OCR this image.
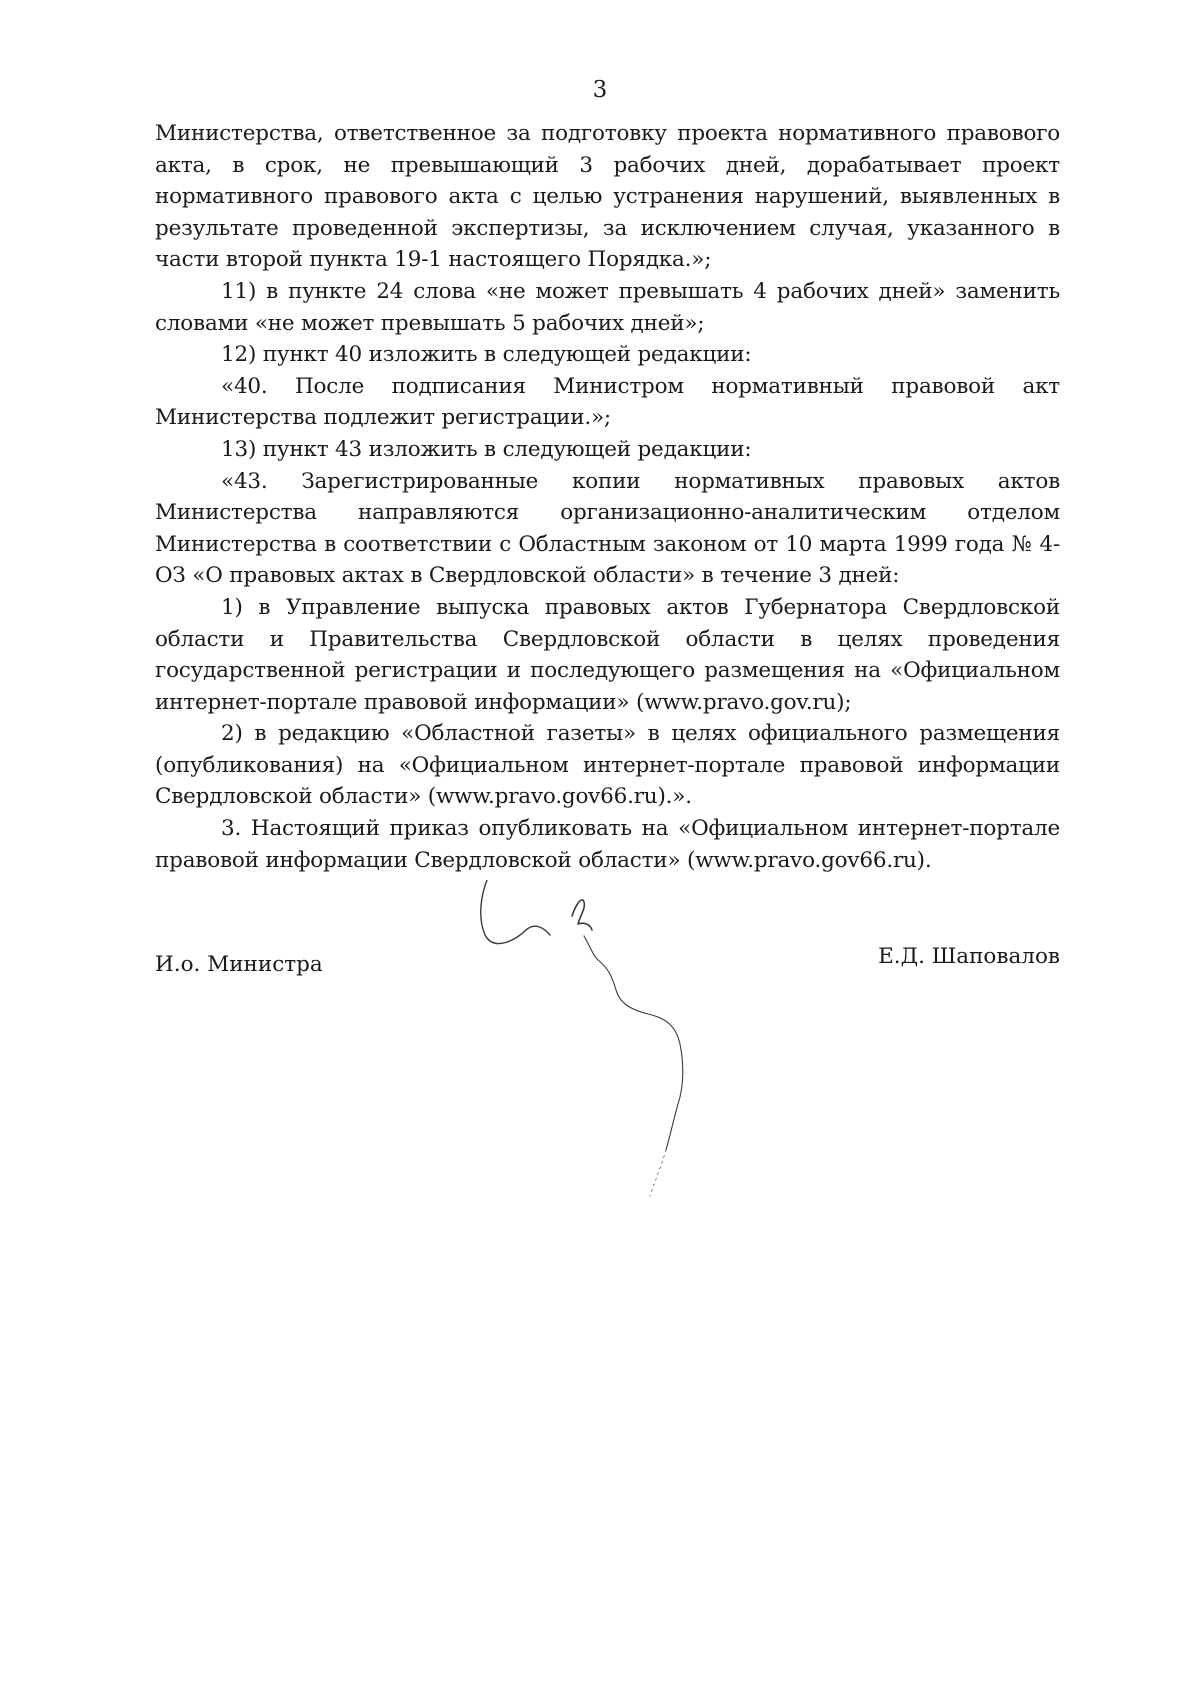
3

Министерства, ответственное за подготовку проекта нормативного правового акта, в срок, не превышающий 3 рабочих дней, дорабатывает проект нормативного правового акта с целью устранения нарушений, выявленных в результате проведенной экспертизы, за исключением случая, указанного в части второй пункта 19-1 настоящего Порядка.»;

11) в пункте 24 слова «не может превышать 4 рабочих дней» заменить словами «не может превышать 5 рабочих дней»;

12) пункт 40 изложить в следующей редакции:

«40. После подписания Министром нормативный правовой акт Министерства подлежит регистрации.»;

13) пункт 43 изложить в следующей редакции:

«43. Зарегистрированные копии нормативных правовых актов Министерства направляются организационно-аналитическим отделом Министерства в соответствии с Областным законом от 10 марта 1999 года № 4-ОЗ «О правовых актах в Свердловской области» в течение 3 дней:

1) в Управление выпуска правовых актов Губернатора Свердловской области и Правительства Свердловской области в целях проведения государственной регистрации и последующего размещения на «Официальном интернет-портале правовой информации» (www.pravo.gov.ru);

2) в редакцию «Областной газеты» в целях официального размещения (опубликования) на «Официальном интернет-портале правовой информации Свердловской области» (www.pravo.gov66.ru).».

3. Настоящий приказ опубликовать на «Официальном интернет-портале правовой информации Свердловской области» (www.pravo.gov66.ru).

И.о. Министра	Е.Д. Шаповалов
